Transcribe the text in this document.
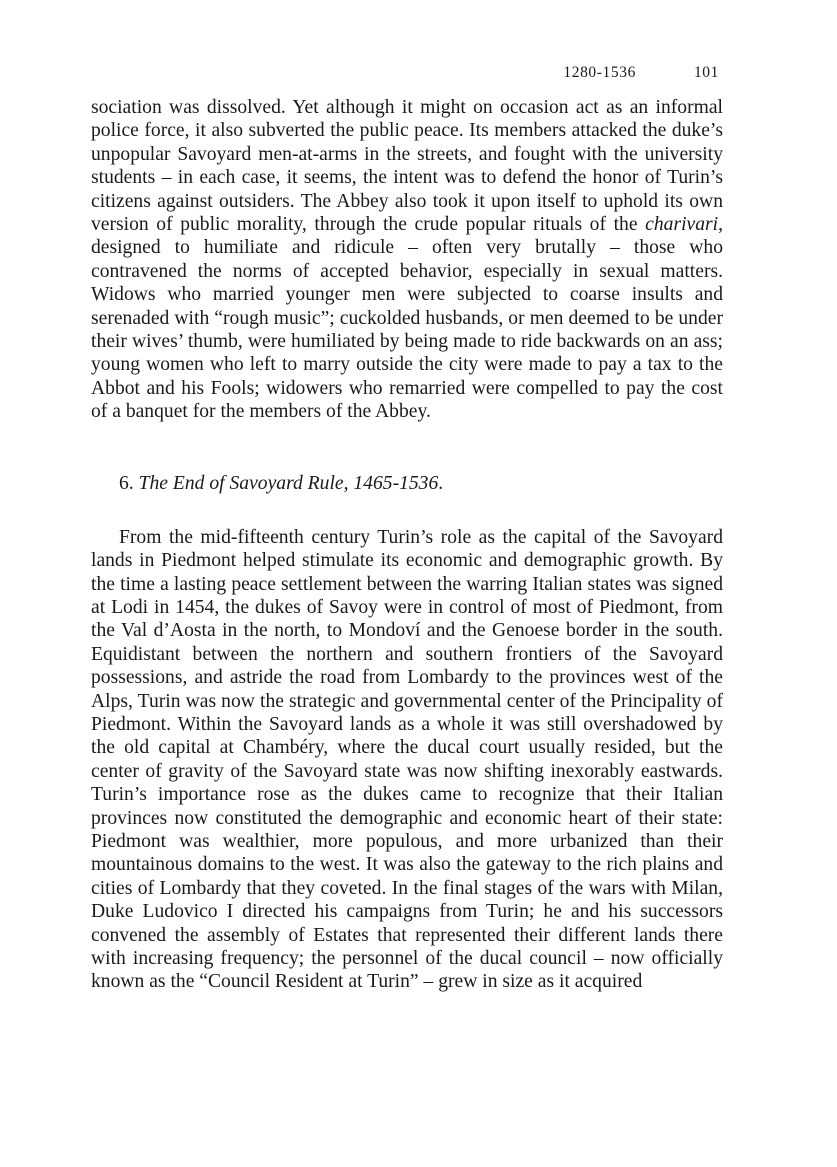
1280-1536	101

sociation was dissolved. Yet although it might on occasion act as an informal police force, it also subverted the public peace. Its members attacked the duke’s unpopular Savoyard men-at-arms in the streets, and fought with the university students – in each case, it seems, the intent was to defend the honor of Turin’s citizens against outsiders. The Abbey also took it upon itself to uphold its own version of public morality, through the crude popular rituals of the charivari, designed to humiliate and ridicule – often very brutally – those who contravened the norms of accepted behavior, especially in sexual matters. Widows who married younger men were subjected to coarse insults and serenaded with “rough music”; cuckolded husbands, or men deemed to be under their wives’ thumb, were humiliated by being made to ride backwards on an ass; young women who left to marry outside the city were made to pay a tax to the Abbot and his Fools; widowers who remarried were compelled to pay the cost of a banquet for the members of the Abbey.

6. The End of Savoyard Rule, 1465-1536.

From the mid-fifteenth century Turin’s role as the capital of the Savoyard lands in Piedmont helped stimulate its economic and demographic growth. By the time a lasting peace settlement between the warring Italian states was signed at Lodi in 1454, the dukes of Savoy were in control of most of Piedmont, from the Val d’Aosta in the north, to Mondoví and the Genoese border in the south. Equidistant between the northern and southern frontiers of the Savoyard possessions, and astride the road from Lombardy to the provinces west of the Alps, Turin was now the strategic and governmental center of the Principality of Piedmont. Within the Savoyard lands as a whole it was still overshadowed by the old capital at Chambéry, where the ducal court usually resided, but the center of gravity of the Savoyard state was now shifting inexorably eastwards. Turin’s importance rose as the dukes came to recognize that their Italian provinces now constituted the demographic and economic heart of their state: Piedmont was wealthier, more populous, and more urbanized than their mountainous domains to the west. It was also the gateway to the rich plains and cities of Lombardy that they coveted. In the final stages of the wars with Milan, Duke Ludovico I directed his campaigns from Turin; he and his successors convened the assembly of Estates that represented their different lands there with increasing frequency; the personnel of the ducal council – now officially known as the “Council Resident at Turin” – grew in size as it acquired
